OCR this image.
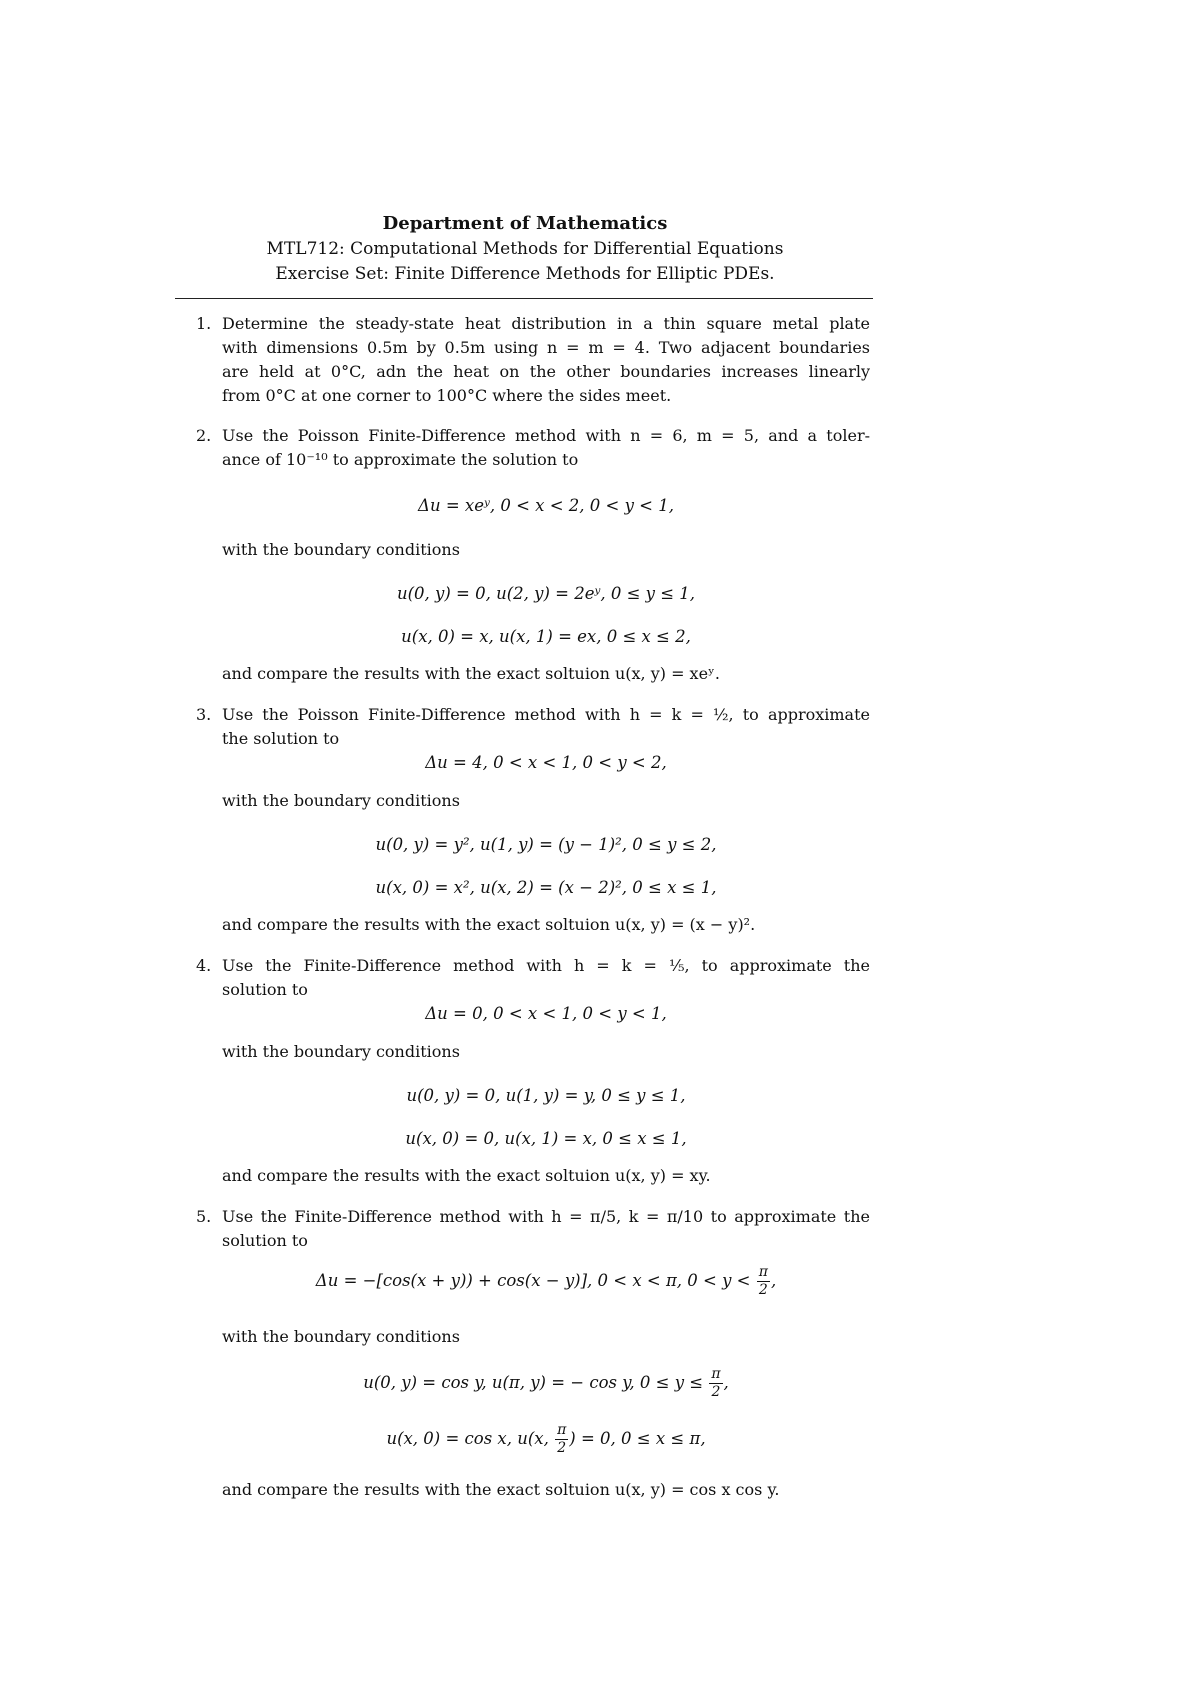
Department of Mathematics
MTL712: Computational Methods for Differential Equations
Exercise Set: Finite Difference Methods for Elliptic PDEs.
1. Determine the steady-state heat distribution in a thin square metal plate
with dimensions 0.5m by 0.5m using n = m = 4. Two adjacent boundaries
are held at 0°C, adn the heat on the other boundaries increases linearly
from 0°C at one corner to 100°C where the sides meet.
2. Use the Poisson Finite-Difference method with n = 6, m = 5, and a toler-
ance of 10⁻¹⁰ to approximate the solution to
Δu = xeʸ, 0 < x < 2, 0 < y < 1,
with the boundary conditions
u(0, y) = 0, u(2, y) = 2eʸ, 0 ≤ y ≤ 1,
u(x, 0) = x, u(x, 1) = ex, 0 ≤ x ≤ 2,
and compare the results with the exact soltuion u(x, y) = xeʸ.
3. Use the Poisson Finite-Difference method with h = k = ½, to approximate
the solution to
Δu = 4, 0 < x < 1, 0 < y < 2,
with the boundary conditions
u(0, y) = y², u(1, y) = (y − 1)², 0 ≤ y ≤ 2,
u(x, 0) = x², u(x, 2) = (x − 2)², 0 ≤ x ≤ 1,
and compare the results with the exact soltuion u(x, y) = (x − y)².
4. Use the Finite-Difference method with h = k = ⅕, to approximate the
solution to
Δu = 0, 0 < x < 1, 0 < y < 1,
with the boundary conditions
u(0, y) = 0, u(1, y) = y, 0 ≤ y ≤ 1,
u(x, 0) = 0, u(x, 1) = x, 0 ≤ x ≤ 1,
and compare the results with the exact soltuion u(x, y) = xy.
5. Use the Finite-Difference method with h = π/5, k = π/10 to approximate the
solution to
Δu = −[cos(x + y)) + cos(x − y)], 0 < x < π, $0 < y < \frac{\pi}{2}$ ,
with the boundary conditions
u(0, y) = cos y, u(π, y) = − cos y, $0 \le y \le \frac{\pi}{2}$ ,
u(x, 0) = cos x, u(x, $\frac{\pi}{2}$ ) = 0, 0 ≤ x ≤ π,
and compare the results with the exact soltuion u(x, y) = cos x cos y.
